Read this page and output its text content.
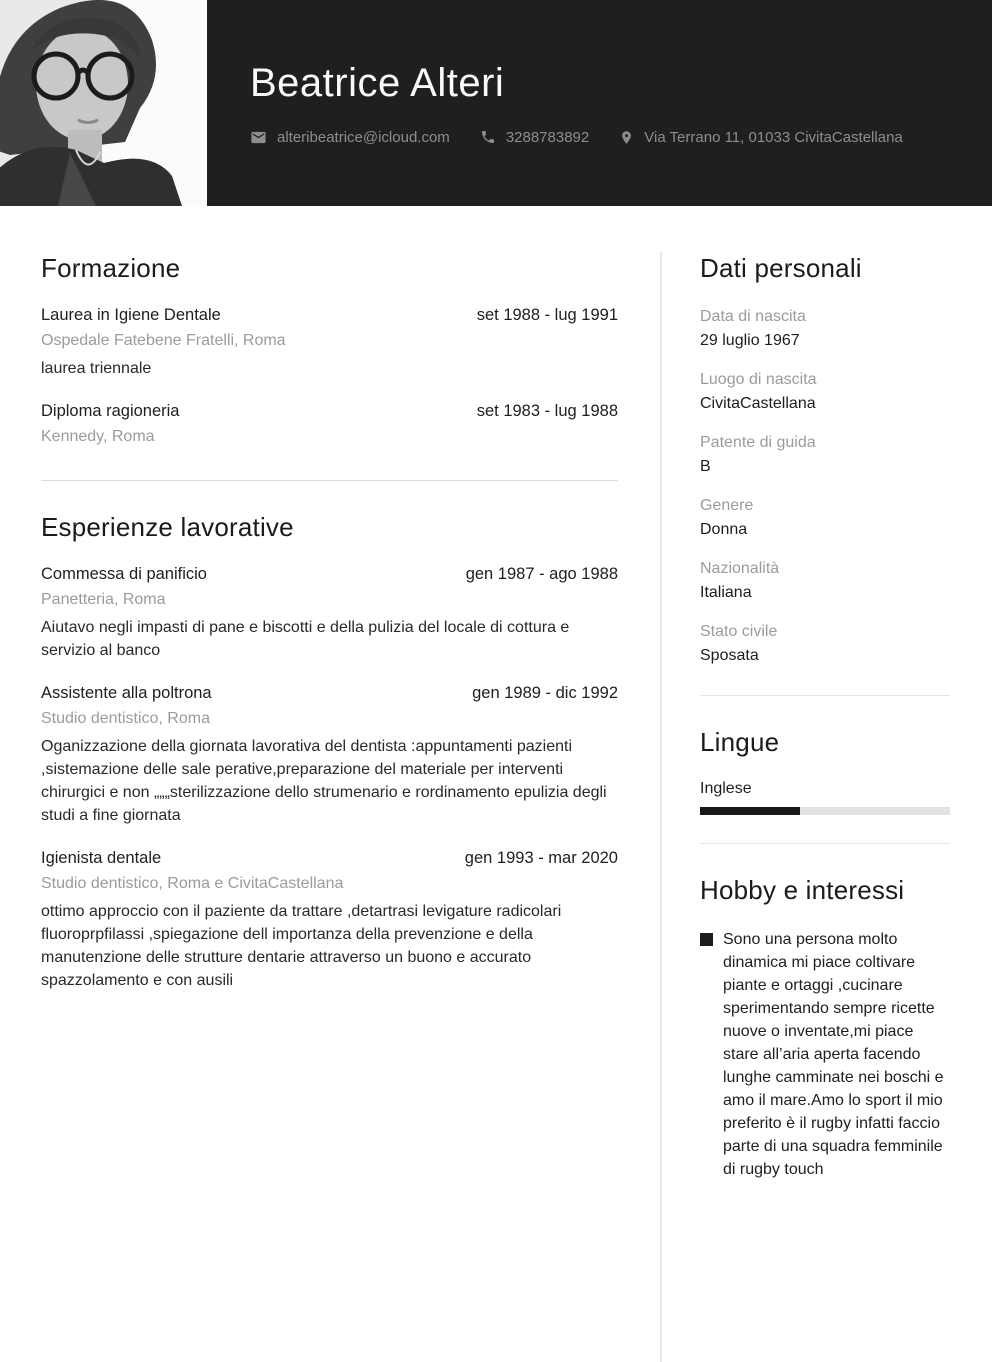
Beatrice Alteri
alteribeatrice@icloud.com	3288783892	Via Terrano 11, 01033 CivitaCastellana
Formazione
Laurea in Igiene Dentale	set 1988 - lug 1991
Ospedale Fatebene Fratelli, Roma
laurea triennale
Diploma ragioneria	set 1983 - lug 1988
Kennedy, Roma
Esperienze lavorative
Commessa di panificio	gen 1987 - ago 1988
Panetteria, Roma
Aiutavo negli impasti di pane e biscotti e della pulizia del locale di cottura e servizio al banco
Assistente alla poltrona	gen 1989 - dic 1992
Studio dentistico, Roma
Oganizzazione della giornata lavorativa del dentista :appuntamenti pazienti ,sistemazione delle sale perative,preparazione del materiale per interventi chirurgici e non „„„sterilizzazione dello strumenario e rordinamento epulizia degli studi a fine giornata
Igienista dentale	gen 1993 - mar 2020
Studio dentistico, Roma e CivitaCastellana
ottimo approccio con il paziente da trattare ,detartrasi levigature radicolari fluoroprpfilassi ,spiegazione dell importanza della prevenzione e della manutenzione delle strutture dentarie attraverso un buono e accurato spazzolamento e con ausili
Dati personali
Data di nascita
29 luglio 1967
Luogo di nascita
CivitaCastellana
Patente di guida
B
Genere
Donna
Nazionalità
Italiana
Stato civile
Sposata
Lingue
Inglese
Hobby e interessi
Sono una persona molto dinamica mi piace coltivare piante e ortaggi ,cucinare sperimentando sempre ricette nuove o inventate,mi piace stare all’aria aperta facendo lunghe camminate nei boschi e amo il mare.Amo lo sport il mio preferito è il rugby infatti faccio parte di una squadra femminile di rugby touch
